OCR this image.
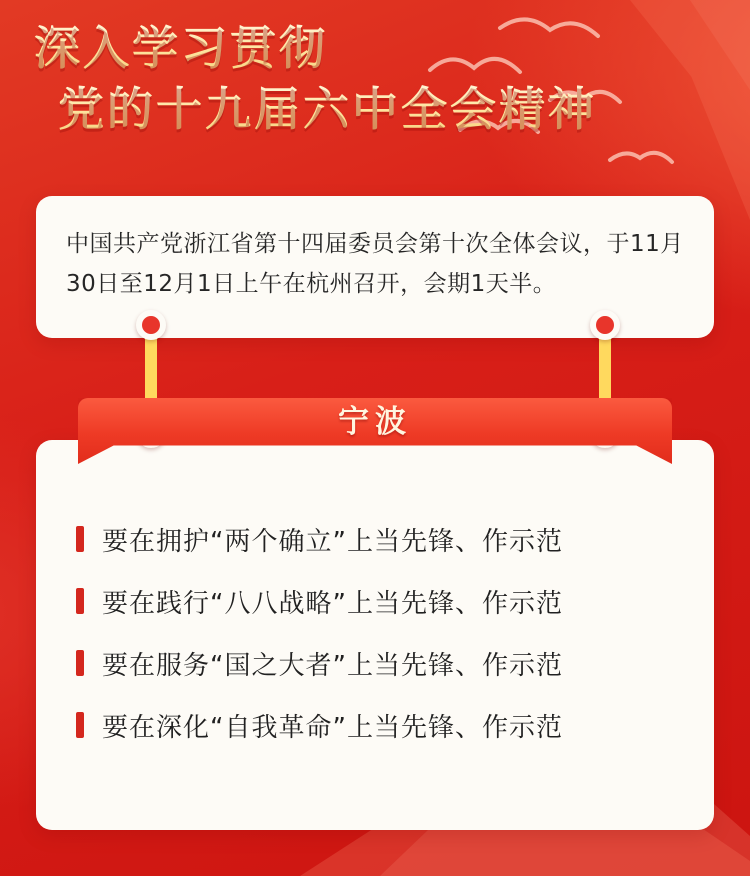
深入学习贯彻
党的十九届六中全会精神
中国共产党浙江省第十四届委员会第十次全体会议，于11月30日至12月1日上午在杭州召开，会期1天半。
要在拥护“两个确立”上当先锋、作示范
要在践行“八八战略”上当先锋、作示范
要在服务“国之大者”上当先锋、作示范
要在深化“自我革命”上当先锋、作示范
宁波
